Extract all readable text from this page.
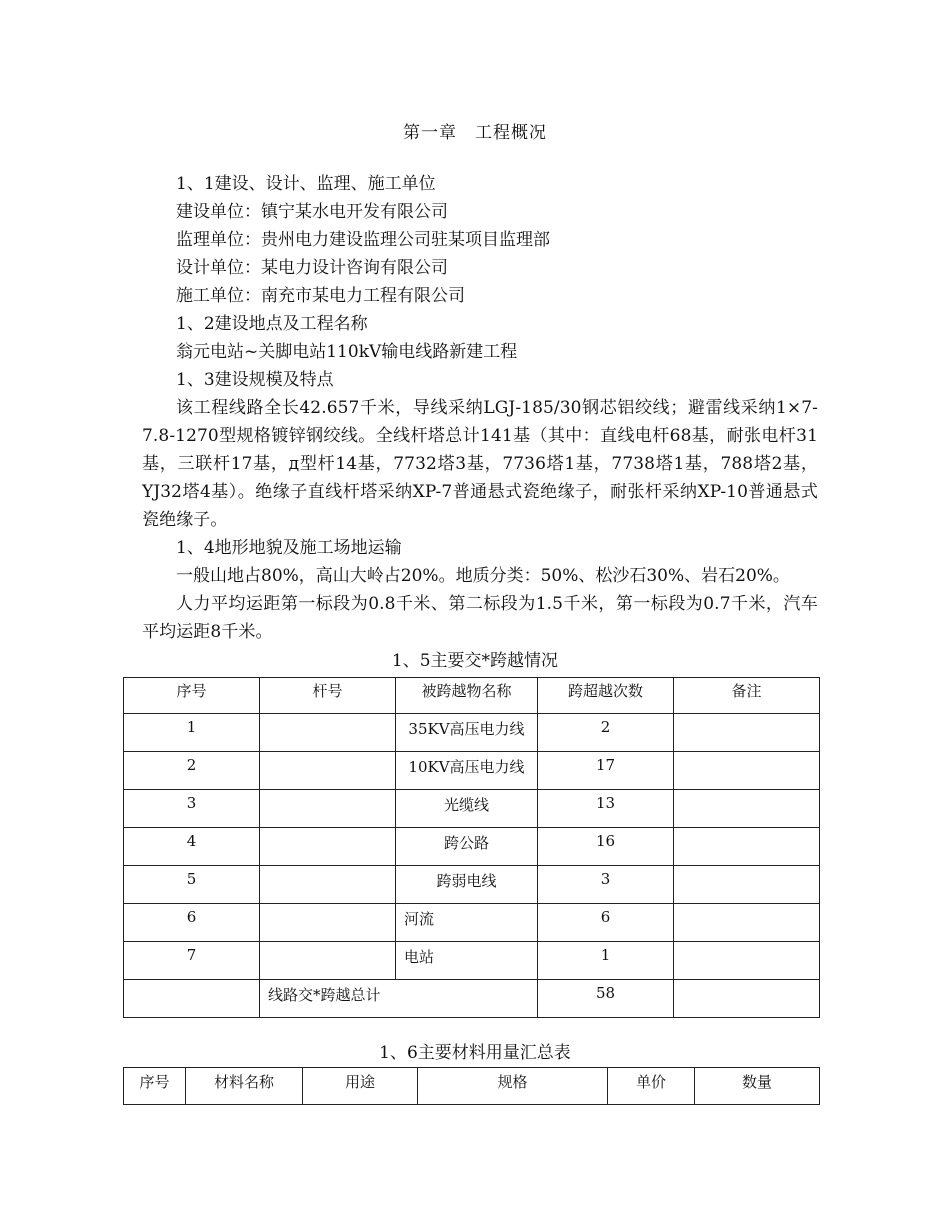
第一章　工程概况

1、1建设、设计、监理、施工单位

建设单位：镇宁某水电开发有限公司

监理单位：贵州电力建设监理公司驻某项目监理部

设计单位：某电力设计咨询有限公司

施工单位：南充市某电力工程有限公司

1、2建设地点及工程名称

翁元电站~关脚电站110kV输电线路新建工程

1、3建设规模及特点

该工程线路全长42.657千米，导线采纳LGJ-185/30钢芯铝绞线；避雷线采纳1×7-7.8-1270型规格镀锌钢绞线。全线杆塔总计141基（其中：直线电杆68基，耐张电杆31基，三联杆17基，д型杆14基，7732塔3基，7736塔1基，7738塔1基，788塔2基，YJ32塔4基）。绝缘子直线杆塔采纳XP-7普通悬式瓷绝缘子，耐张杆采纳XP-10普通悬式瓷绝缘子。

1、4地形地貌及施工场地运输

一般山地占80%，高山大岭占20%。地质分类：50%、松沙石30%、岩石20%。

人力平均运距第一标段为0.8千米、第二标段为1.5千米，第一标段为0.7千米，汽车平均运距8千米。

1、5主要交*跨越情况
序号	杆号	被跨越物名称	跨超越次数	备注
1		35KV高压电力线	2	
2		10KV高压电力线	17	
3		光缆线	13	
4		跨公路	16	
5		跨弱电线	3	
6		河流	6	
7		电站	1	
	线路交*跨越总计		58	
1、6主要材料用量汇总表
序号	材料名称	用途	规格	单价	数量
